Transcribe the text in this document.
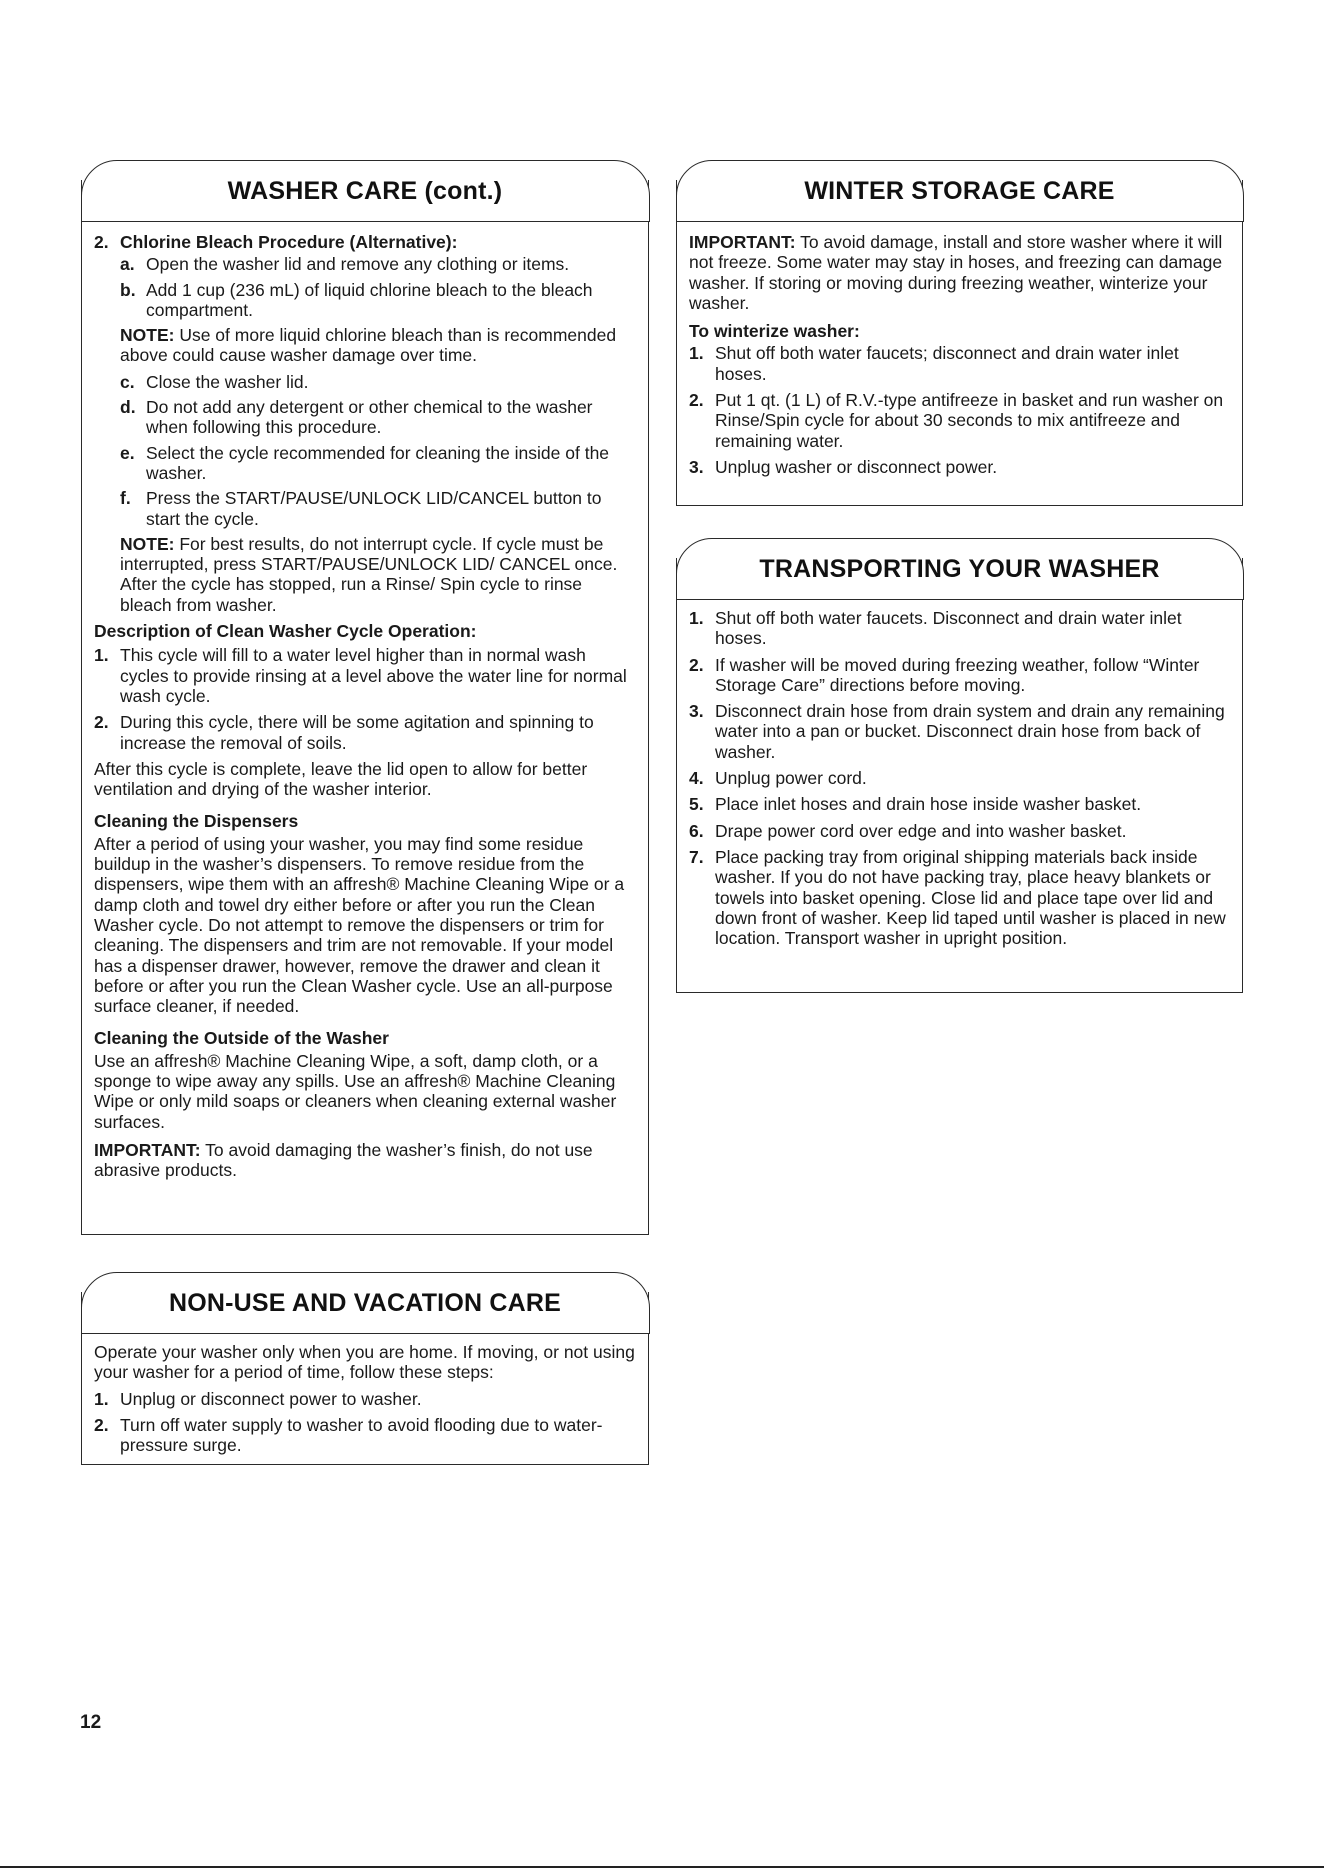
WASHER CARE (cont.)
2. Chlorine Bleach Procedure (Alternative):
a. Open the washer lid and remove any clothing or items.
b. Add 1 cup (236 mL) of liquid chlorine bleach to the bleach compartment.

NOTE: Use of more liquid chlorine bleach than is recommended above could cause washer damage over time.

c. Close the washer lid.
d. Do not add any detergent or other chemical to the washer when following this procedure.
e. Select the cycle recommended for cleaning the inside of the washer.
f. Press the START/PAUSE/UNLOCK LID/CANCEL button to start the cycle.

NOTE: For best results, do not interrupt cycle. If cycle must be interrupted, press START/PAUSE/UNLOCK LID/ CANCEL once. After the cycle has stopped, run a Rinse/ Spin cycle to rinse bleach from washer.

Description of Clean Washer Cycle Operation:

1. This cycle will fill to a water level higher than in normal wash cycles to provide rinsing at a level above the water line for normal wash cycle.
2. During this cycle, there will be some agitation and spinning to increase the removal of soils.

After this cycle is complete, leave the lid open to allow for better ventilation and drying of the washer interior.

Cleaning the Dispensers

After a period of using your washer, you may find some residue buildup in the washer’s dispensers. To remove residue from the dispensers, wipe them with an affresh® Machine Cleaning Wipe or a damp cloth and towel dry either before or after you run the Clean Washer cycle. Do not attempt to remove the dispensers or trim for cleaning. The dispensers and trim are not removable. If your model has a dispenser drawer, however, remove the drawer and clean it before or after you run the Clean Washer cycle. Use an all-purpose surface cleaner, if needed.

Cleaning the Outside of the Washer

Use an affresh® Machine Cleaning Wipe, a soft, damp cloth, or a sponge to wipe away any spills. Use an affresh® Machine Cleaning Wipe or only mild soaps or cleaners when cleaning external washer surfaces.

IMPORTANT: To avoid damaging the washer’s finish, do not use abrasive products.

NON-USE AND VACATION CARE

Operate your washer only when you are home. If moving, or not using your washer for a period of time, follow these steps:

1. Unplug or disconnect power to washer.
2. Turn off water supply to washer to avoid flooding due to water-pressure surge.
WINTER STORAGE CARE

IMPORTANT: To avoid damage, install and store washer where it will not freeze. Some water may stay in hoses, and freezing can damage washer. If storing or moving during freezing weather, winterize your washer.

To winterize washer:

1. Shut off both water faucets; disconnect and drain water inlet hoses.
2. Put 1 qt. (1 L) of R.V.-type antifreeze in basket and run washer on Rinse/Spin cycle for about 30 seconds to mix antifreeze and remaining water.
3. Unplug washer or disconnect power.
TRANSPORTING YOUR WASHER
1. Shut off both water faucets. Disconnect and drain water inlet hoses.
2. If washer will be moved during freezing weather, follow “Winter Storage Care” directions before moving.
3. Disconnect drain hose from drain system and drain any remaining water into a pan or bucket. Disconnect drain hose from back of washer.
4. Unplug power cord.
5. Place inlet hoses and drain hose inside washer basket.
6. Drape power cord over edge and into washer basket.
7. Place packing tray from original shipping materials back inside washer. If you do not have packing tray, place heavy blankets or towels into basket opening. Close lid and place tape over lid and down front of washer. Keep lid taped until washer is placed in new location. Transport washer in upright position.
12
